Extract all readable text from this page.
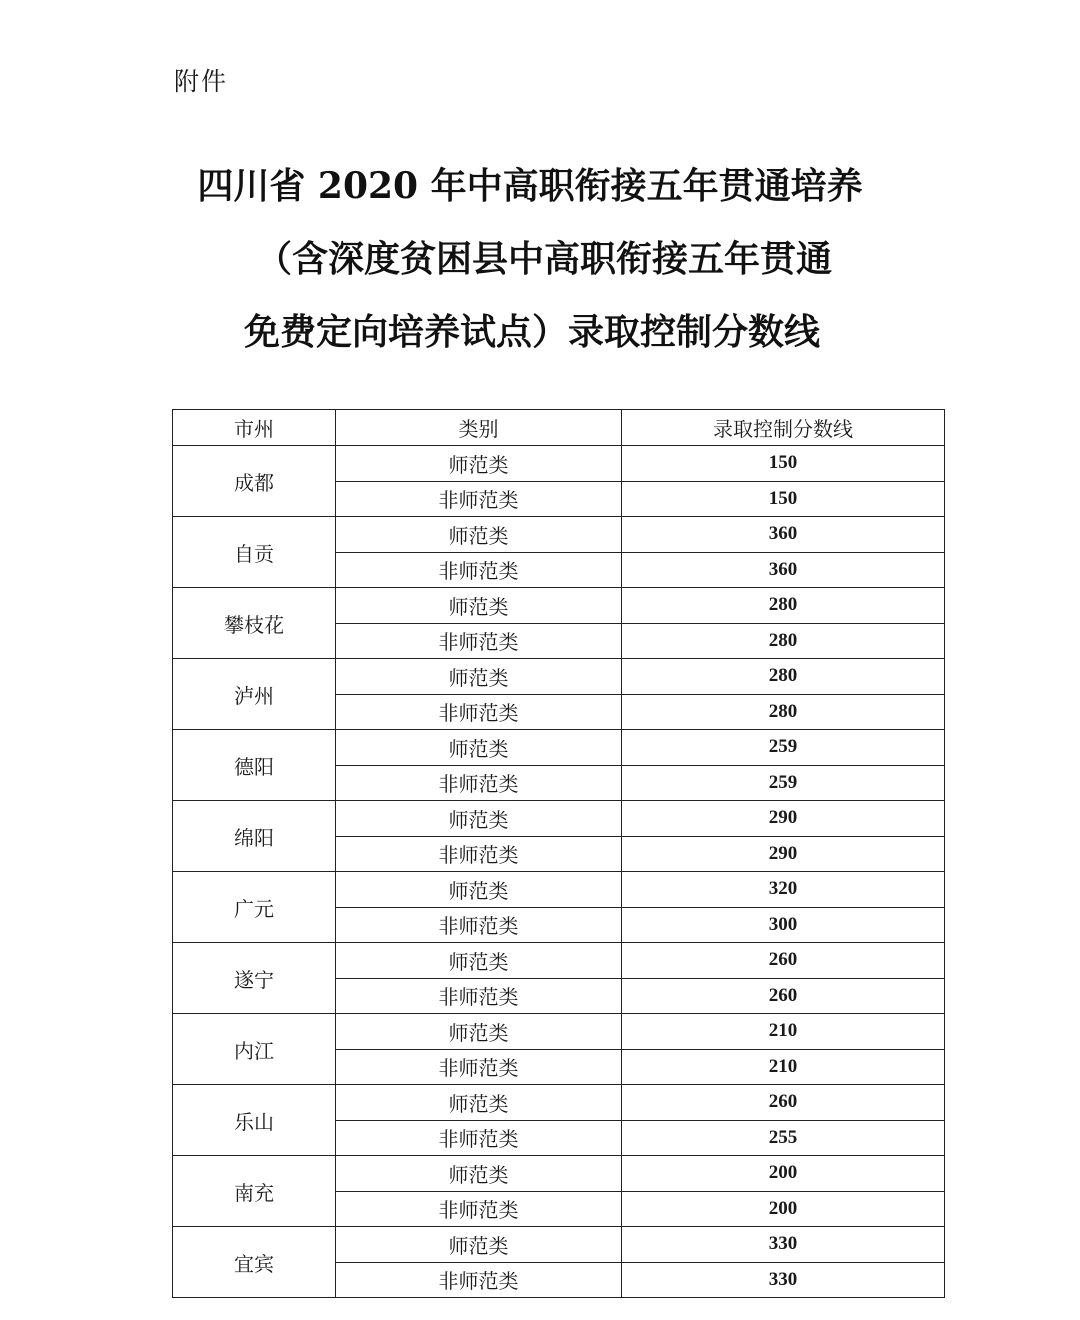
附件
四川省 2020 年中高职衔接五年贯通培养
（含深度贫困县中高职衔接五年贯通
免费定向培养试点）录取控制分数线
市州	类别	录取控制分数线
成都	师范类	150
	非师范类	150
自贡	师范类	360
	非师范类	360
攀枝花	师范类	280
	非师范类	280
泸州	师范类	280
	非师范类	280
德阳	师范类	259
	非师范类	259
绵阳	师范类	290
	非师范类	290
广元	师范类	320
	非师范类	300
遂宁	师范类	260
	非师范类	260
内江	师范类	210
	非师范类	210
乐山	师范类	260
	非师范类	255
南充	师范类	200
	非师范类	200
宜宾	师范类	330
	非师范类	330
